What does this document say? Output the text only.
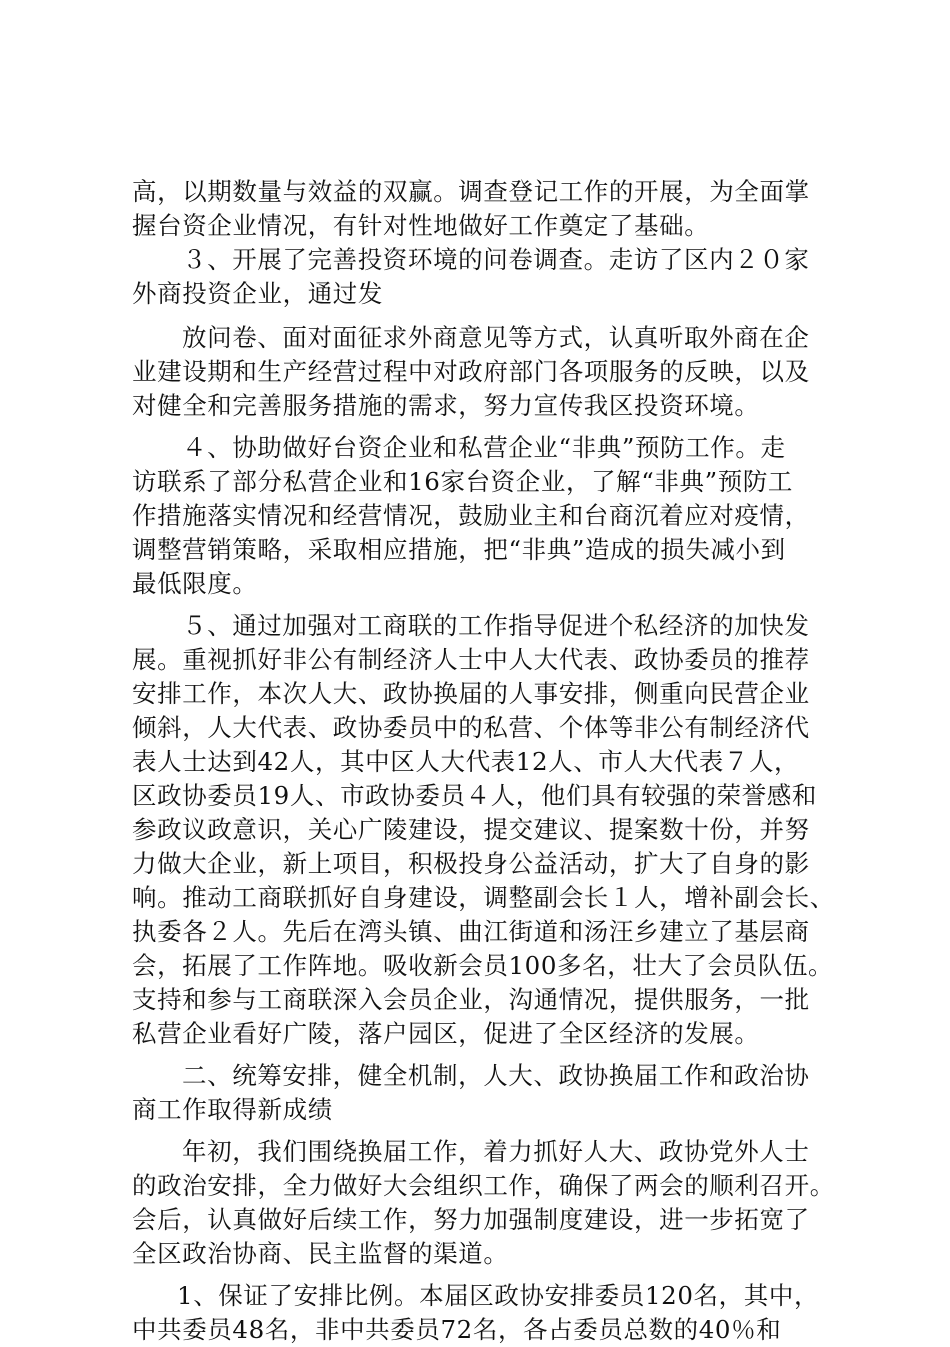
高，以期数量与效益的双赢。调查登记工作的开展，为全面掌
握台资企业情况，有针对性地做好工作奠定了基础。
３、开展了完善投资环境的问卷调查。走访了区内２０家
外商投资企业，通过发
放问卷、面对面征求外商意见等方式，认真听取外商在企
业建设期和生产经营过程中对政府部门各项服务的反映，以及
对健全和完善服务措施的需求，努力宣传我区投资环境。
４、协助做好台资企业和私营企业“非典”预防工作。走
访联系了部分私营企业和16家台资企业，了解“非典”预防工
作措施落实情况和经营情况，鼓励业主和台商沉着应对疫情，
调整营销策略，采取相应措施，把“非典”造成的损失减小到
最低限度。
５、通过加强对工商联的工作指导促进个私经济的加快发
展。重视抓好非公有制经济人士中人大代表、政协委员的推荐
安排工作，本次人大、政协换届的人事安排，侧重向民营企业
倾斜，人大代表、政协委员中的私营、个体等非公有制经济代
表人士达到42人，其中区人大代表12人、市人大代表７人，
区政协委员19人、市政协委员４人，他们具有较强的荣誉感和
参政议政意识，关心广陵建设，提交建议、提案数十份，并努
力做大企业，新上项目，积极投身公益活动，扩大了自身的影
响。推动工商联抓好自身建设，调整副会长１人，增补副会长、
执委各２人。先后在湾头镇、曲江街道和汤汪乡建立了基层商
会，拓展了工作阵地。吸收新会员100多名，壮大了会员队伍。
支持和参与工商联深入会员企业，沟通情况，提供服务，一批
私营企业看好广陵，落户园区，促进了全区经济的发展。
二、统筹安排，健全机制，人大、政协换届工作和政治协
商工作取得新成绩
年初，我们围绕换届工作，着力抓好人大、政协党外人士
的政治安排，全力做好大会组织工作，确保了两会的顺利召开。
会后，认真做好后续工作，努力加强制度建设，进一步拓宽了
全区政治协商、民主监督的渠道。
1、保证了安排比例。本届区政协安排委员120名，其中，
中共委员48名，非中共委员72名，各占委员总数的40％和
